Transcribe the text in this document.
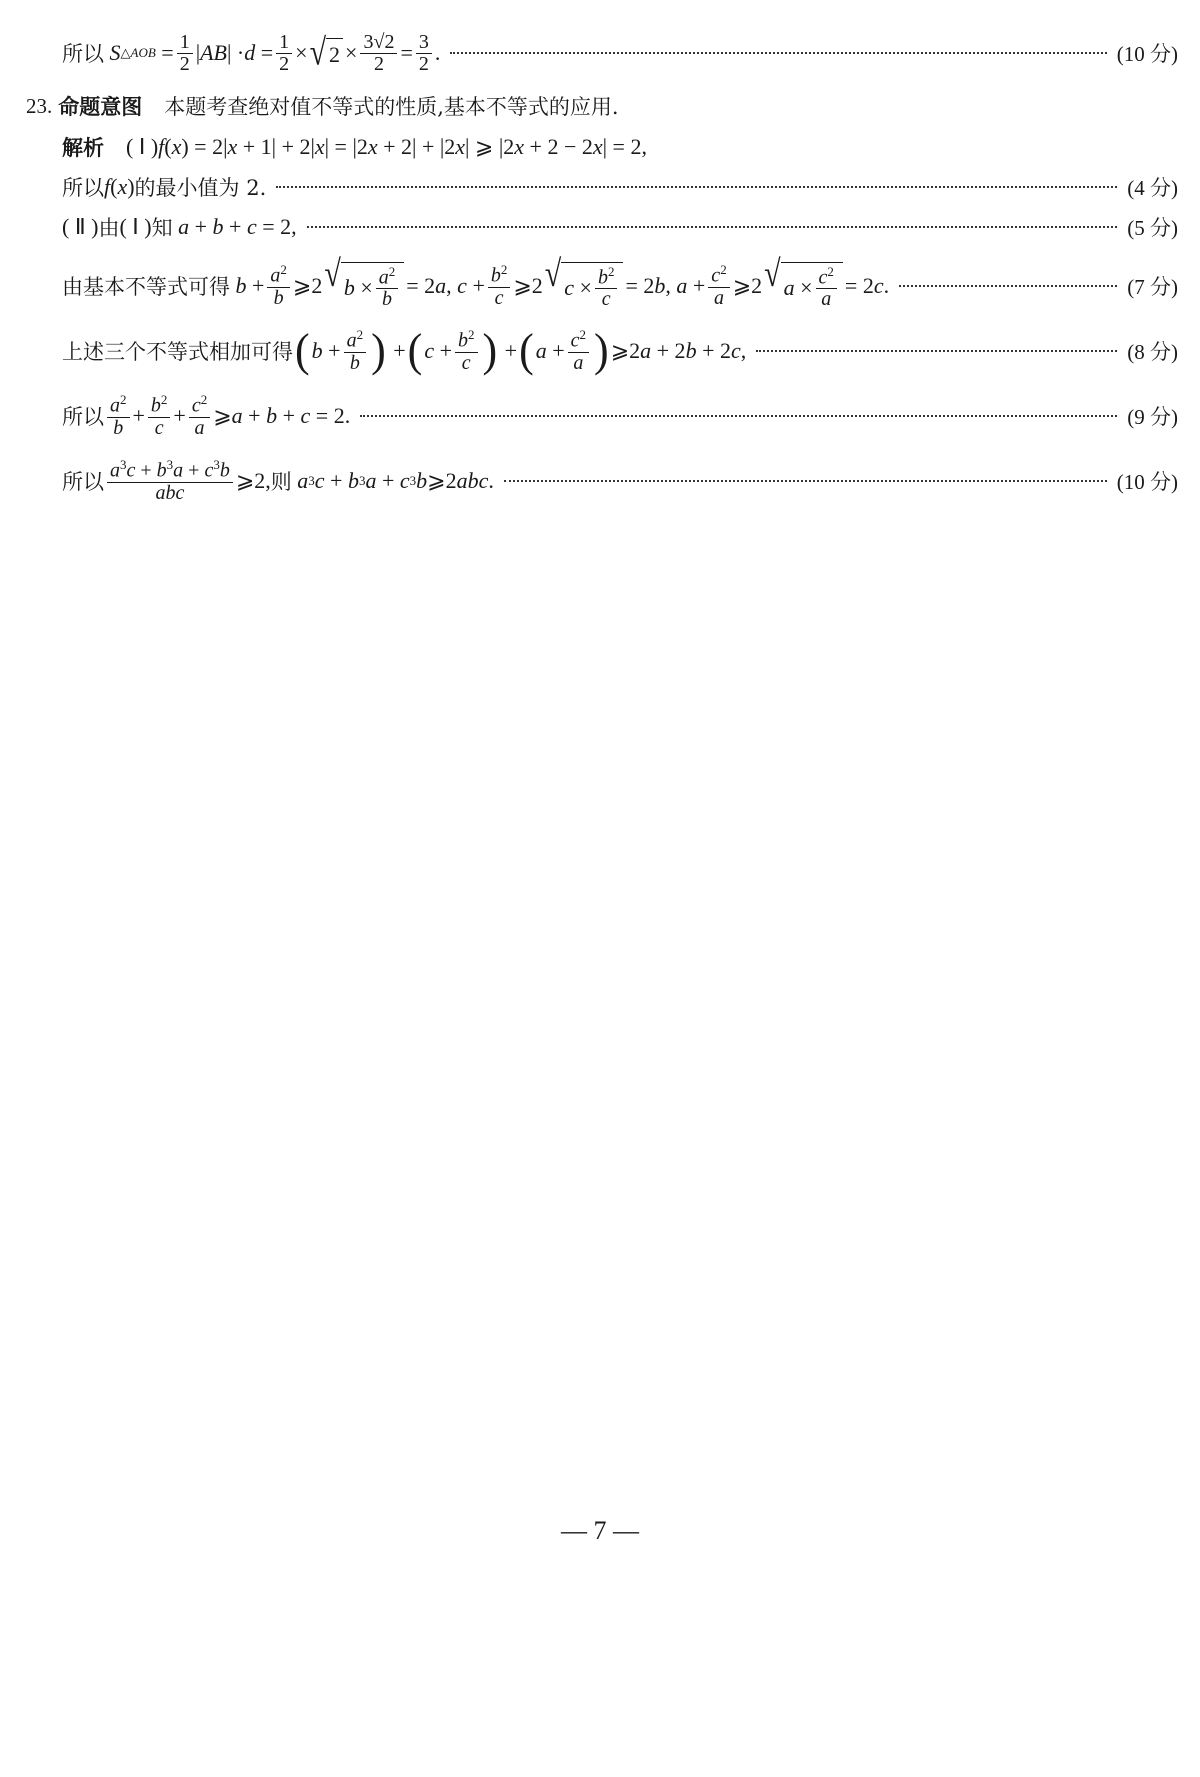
所以
S △AOB = $\frac{1}{2}$ | AB | · $d = \frac{1}{2}$ × √ $2 \times \frac{3√2}{2} = \frac{3}{2}$ .	(10 分)
23. 命题意图 本题考查绝对值不等式的性质,基本不等式的应用.
解析 ( Ⅰ ) f ( x ) = 2| x + 1| + 2| x | = |2 x + 2| + |2 x | ⩾ |2 x + 2 − 2 x | = 2,
所以 f ( x ) 的最小值为 2.	(4 分)
( Ⅱ ) 由 ( Ⅰ ) 知
a + b + c = 2,	(5 分)
由基本不等式可得
$b + \frac{a^2}{b}$ ⩾2 √ $b \times \frac{a^2}{b} = 2$ a , $c + \frac{b^2}{c}$ ⩾2 √ $c \times \frac{b^2}{c} = 2$ b , $a + \frac{c^2}{a}$ ⩾2 √ $a \times \frac{c^2}{a} = 2$ c .	(7 分)
上述三个不等式相加可得 ( $b + \frac{a^2}{b}$ ) + ( $c + \frac{b^2}{c}$ ) + ( $a + \frac{c^2}{a}$ ) ⩾2 a + 2 b + 2 c ,	(8 分)
所以 $\frac{a^2}{b} + \frac{b^2}{c} + \frac{c^2}{a}$ ⩾ a + b + c = 2.	(9 分)
所以 $\frac{a^3c + b^3a + c^3b}{\text{abc}}$ ⩾2, 则
a 3 c + b 3 a + c 3 b ⩾2 abc .	(10 分)
— 7 —
